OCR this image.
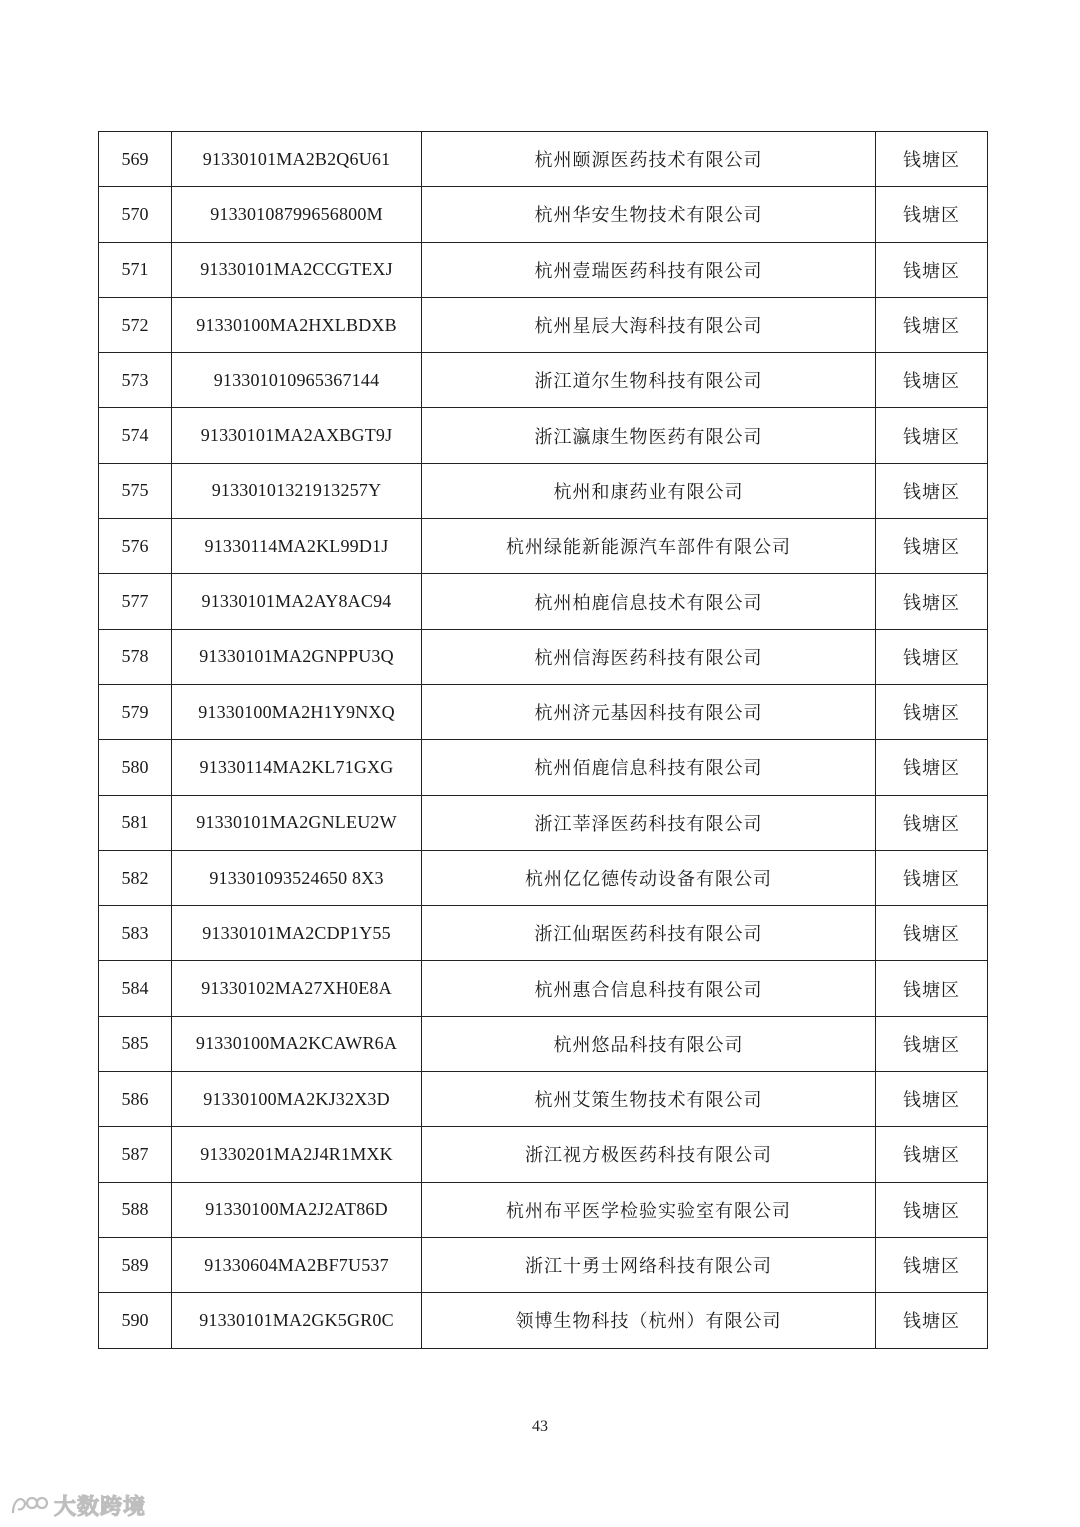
569	91330101MA2B2Q6U61	杭州颐源医药技术有限公司	钱塘区
570	91330108799656800M	杭州华安生物技术有限公司	钱塘区
571	91330101MA2CCGTEXJ	杭州壹瑞医药科技有限公司	钱塘区
572	91330100MA2HXLBDXB	杭州星辰大海科技有限公司	钱塘区
573	913301010965367144	浙江道尔生物科技有限公司	钱塘区
574	91330101MA2AXBGT9J	浙江瀛康生物医药有限公司	钱塘区
575	91330101321913257Y	杭州和康药业有限公司	钱塘区
576	91330114MA2KL99D1J	杭州绿能新能源汽车部件有限公司	钱塘区
577	91330101MA2AY8AC94	杭州柏鹿信息技术有限公司	钱塘区
578	91330101MA2GNPPU3Q	杭州信海医药科技有限公司	钱塘区
579	91330100MA2H1Y9NXQ	杭州济元基因科技有限公司	钱塘区
580	91330114MA2KL71GXG	杭州佰鹿信息科技有限公司	钱塘区
581	91330101MA2GNLEU2W	浙江莘泽医药科技有限公司	钱塘区
582	913301093524650 8X3	杭州亿亿德传动设备有限公司	钱塘区
583	91330101MA2CDP1Y55	浙江仙琚医药科技有限公司	钱塘区
584	91330102MA27XH0E8A	杭州惠合信息科技有限公司	钱塘区
585	91330100MA2KCAWR6A	杭州悠品科技有限公司	钱塘区
586	91330100MA2KJ32X3D	杭州艾策生物技术有限公司	钱塘区
587	91330201MA2J4R1MXK	浙江视方极医药科技有限公司	钱塘区
588	91330100MA2J2AT86D	杭州布平医学检验实验室有限公司	钱塘区
589	91330604MA2BF7U537	浙江十勇士网络科技有限公司	钱塘区
590	91330101MA2GK5GR0C	领博生物科技（杭州）有限公司	钱塘区
43
大数跨境
